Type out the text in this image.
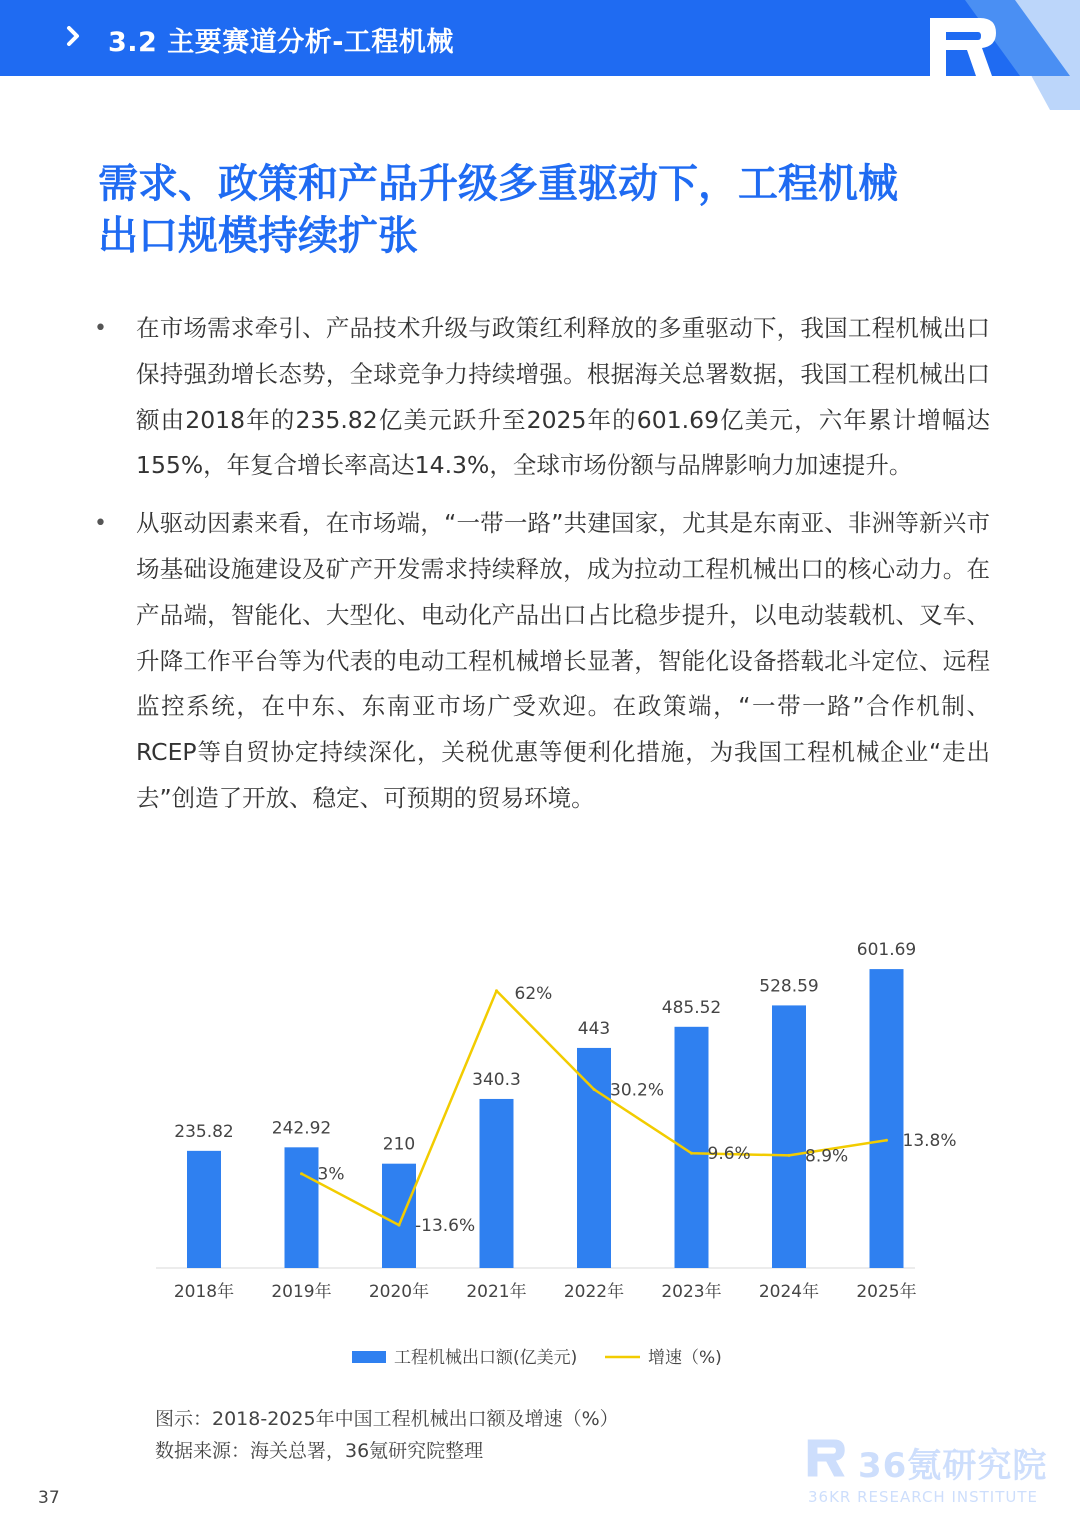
3.2 主要赛道分析-工程机械
需求、政策和产品升级多重驱动下，工程机械
出口规模持续扩张
• 在市场需求牵引、产品技术升级与政策红利释放的多重驱动下，我国工程机械出口保持强劲增长态势，全球竞争力持续增强。根据海关总署数据，我国工程机械出口额由2018年的235.82亿美元跃升至2025年的601.69亿美元，六年累计增幅达155%，年复合增长率高达14.3%，全球市场份额与品牌影响力加速提升。

• 从驱动因素来看，在市场端，“一带一路”共建国家，尤其是东南亚、非洲等新兴市场基础设施建设及矿产开发需求持续释放，成为拉动工程机械出口的核心动力。在产品端，智能化、大型化、电动化产品出口占比稳步提升，以电动装载机、叉车、升降工作平台等为代表的电动工程机械增长显著，智能化设备搭载北斗定位、远程监控系统，在中东、东南亚市场广受欢迎。在政策端，“一带一路”合作机制、RCEP等自贸协定持续深化，关税优惠等便利化措施，为我国工程机械企业“走出去”创造了开放、稳定、可预期的贸易环境。

235.82
2018年
242.92
2019年
210
2020年
340.3
2021年
443
2022年
485.52
2023年
528.59
2024年
601.69
2025年
3%
-13.6%
62%
30.2%
9.6%	8.9%
13.8%
工程机械出口额(亿美元)	增速（%)
图示：2018-2025年中国工程机械出口额及增速（%）
数据来源：海关总署，36氪研究院整理
37
36氪研究院
36KR RESEARCH INSTITUTE
